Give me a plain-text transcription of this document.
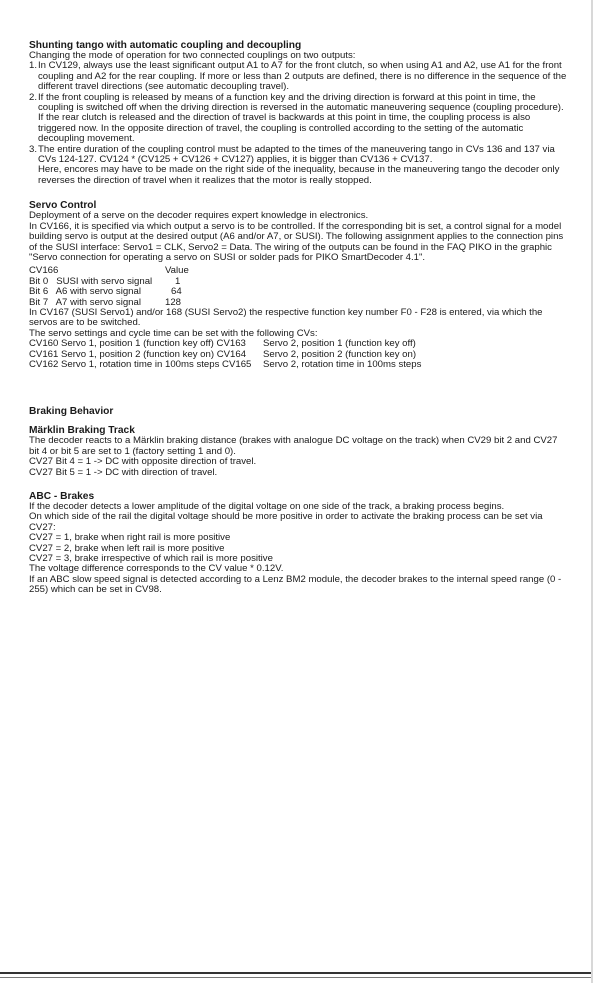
Shunting tango with automatic coupling and decoupling

Changing the mode of operation for two connected couplings on two outputs:

1. In CV129, always use the least significant output A1 to A7 for the front clutch, so when using A1 and A2, use A1 for the front coupling and A2 for the rear coupling. If more or less than 2 outputs are defined, there is no difference in the sequence of the different travel directions (see automatic decoupling travel).
2. If the front coupling is released by means of a function key and the driving direction is forward at this point in time, the coupling is switched off when the driving direction is reversed in the automatic maneuvering sequence (coupling procedure). If the rear clutch is released and the direction of travel is backwards at this point in time, the coupling process is also triggered now. In the opposite direction of travel, the coupling is controlled according to the setting of the automatic decoupling movement.
3. The entire duration of the coupling control must be adapted to the times of the maneuvering tango in CVs 136 and 137 via CVs 124-127. CV124 * (CV125 + CV126 + CV127) applies, it is bigger than CV136 + CV137.
Here, encores may have to be made on the right side of the inequality, because in the maneuvering tango the decoder only reverses the direction of travel when it realizes that the motor is really stopped.
Servo Control

Deployment of a serve on the decoder requires expert knowledge in electronics.

In CV166, it is specified via which output a servo is to be controlled. If the corresponding bit is set, a control signal for a model building servo is output at the desired output (A6 and/or A7, or SUSI). The following assignment applies to the connection pins of the SUSI interface: Servo1 = CLK, Servo2 = Data. The wiring of the outputs can be found in the FAQ PIKO in the graphic "Servo connection for operating a servo on SUSI or solder pads for PIKO SmartDecoder 4.1".

CV166	Value
Bit 0   SUSI with servo signal	1
Bit 6   A6 with servo signal	64
Bit 7   A7 with servo signal	128

In CV167 (SUSI Servo1) and/or 168 (SUSI Servo2) the respective function key number F0 - F28 is entered, via which the servos are to be switched.

The servo settings and cycle time can be set with the following CVs:

CV160 Servo 1, position 1 (function key off) CV163	Servo 2, position 1 (function key off)
CV161 Servo 1, position 2 (function key on) CV164	Servo 2, position 2 (function key on)
CV162 Servo 1, rotation time in 100ms steps CV165	Servo 2, rotation time in 100ms steps
Braking Behavior
Märklin Braking Track

The decoder reacts to a Märklin braking distance (brakes with analogue DC voltage on the track) when CV29 bit 2 and CV27 bit 4 or bit 5 are set to 1 (factory setting 1 and 0).

CV27 Bit 4 = 1 -> DC with opposite direction of travel.

CV27 Bit 5 = 1 -> DC with direction of travel.

ABC - Brakes

If the decoder detects a lower amplitude of the digital voltage on one side of the track, a braking process begins.

On which side of the rail the digital voltage should be more positive in order to activate the braking process can be set via CV27:

CV27 = 1, brake when right rail is more positive

CV27 = 2, brake when left rail is more positive

CV27 = 3, brake irrespective of which rail is more positive

The voltage difference corresponds to the CV value * 0.12V.

If an ABC slow speed signal is detected according to a Lenz BM2 module, the decoder brakes to the internal speed range (0 - 255) which can be set in CV98.
